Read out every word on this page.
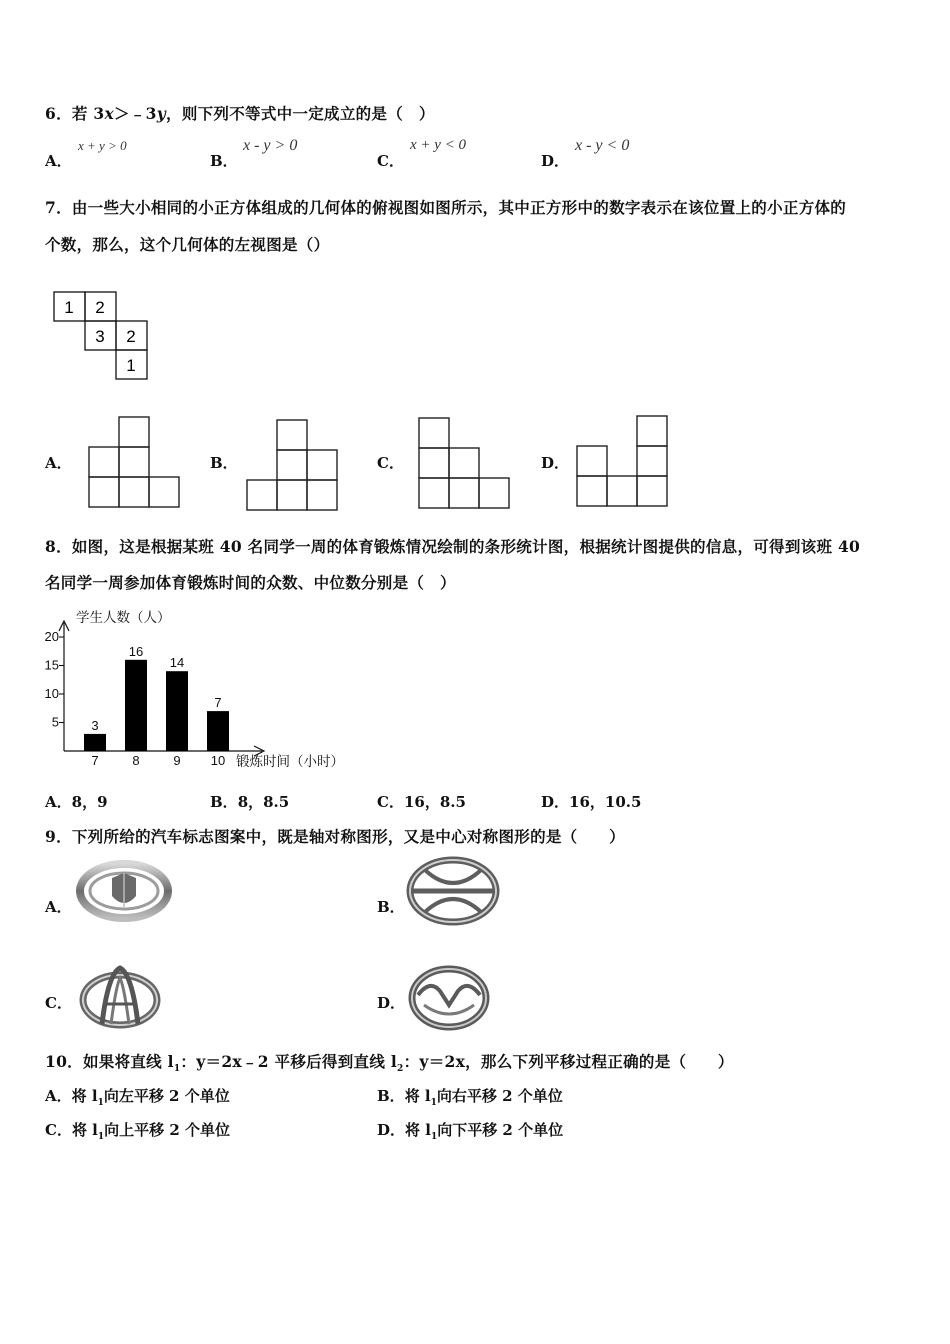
6．若 3x＞﹣3y，则下列不等式中一定成立的是（　）
A．
x + y > 0
B．
x - y > 0
C．
x + y < 0
D．
x - y < 0
7．由一些大小相同的小正方体组成的几何体的俯视图如图所示，其中正方形中的数字表示在该位置上的小正方体的
个数，那么，这个几何体的左视图是（）
1 2
3 2
1
A．	B．	C．	D．
8．如图，这是根据某班 40 名同学一周的体育锻炼情况绘制的条形统计图，根据统计图提供的信息，可得到该班 40
名同学一周参加体育锻炼时间的众数、中位数分别是（　）
学生人数（人）
锻炼时间（小时）
5
10
15
20
3
7
16
8
14
9
7
10
A．8，9	B．8，8.5	C．16，8.5	D．16，10.5
9．下列所给的汽车标志图案中，既是轴对称图形，又是中心对称图形的是（　　）
A．	B．
C．	D．
10．如果将直线 $l_1$：y＝2x﹣2 平移后得到直线 $l_2$：y＝2x，那么下列平移过程正确的是（　　）
A．将 $l_1$向左平移 2 个单位	B．将 $l_1$向右平移 2 个单位
C．将 $l_1$向上平移 2 个单位	D．将 $l_1$向下平移 2 个单位
